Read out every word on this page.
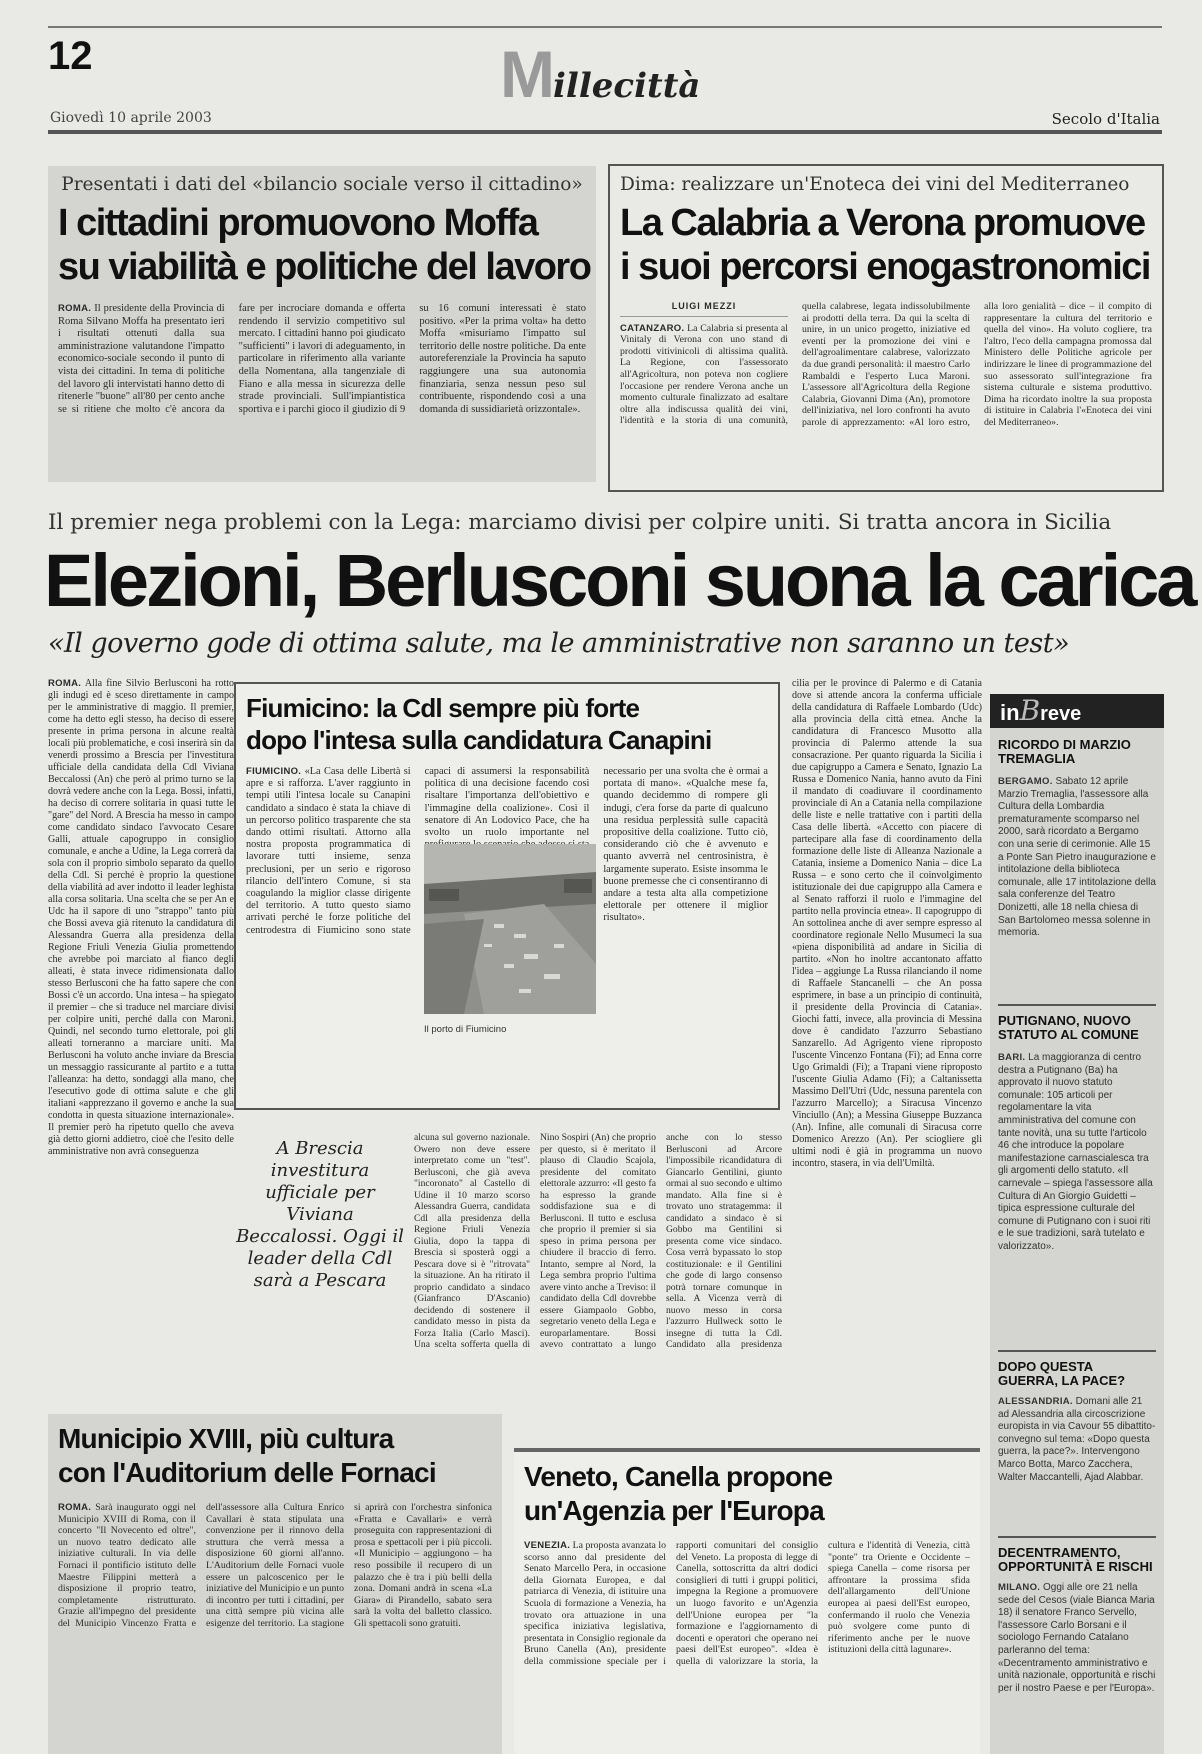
12	Millecittà
Giovedì 10 aprile 2003	Secolo d'Italia
Presentati i dati del «bilancio sociale verso il cittadino»
I cittadini promuovono Moffa
su viabilità e politiche del lavoro
ROMA. Il presidente della Provincia di Roma Silvano Moffa ha presentato ieri i risultati ottenuti dalla sua amministrazione valutandone l'impatto economico-sociale secondo il punto di vista dei cittadini. In tema di politiche del lavoro gli intervistati hanno detto di ritenerle "buone" all'80 per cento anche se si ritiene che molto c'è ancora da fare per incrociare domanda e offerta rendendo il servizio competitivo sul mercato. I cittadini hanno poi giudicato "sufficienti" i lavori di adeguamento, in particolare in riferimento alla variante della Nomentana, alla tangenziale di Fiano e alla messa in sicurezza delle strade provinciali. Sull'impiantistica sportiva e i parchi gioco il giudizio di 9 su 16 comuni interessati è stato positivo. «Per la prima volta» ha detto Moffa «misuriamo l'impatto sul territorio delle nostre politiche. Da ente autoreferenziale la Provincia ha saputo raggiungere una sua autonomia finanziaria, senza nessun peso sul contribuente, rispondendo così a una domanda di sussidiarietà orizzontale».
Dima: realizzare un'Enoteca dei vini del Mediterraneo
La Calabria a Verona promuove
i suoi percorsi enogastronomici
LUIGI MEZZI
CATANZARO. La Calabria si presenta al Vinitaly di Verona con uno stand di prodotti vitivinicoli di altissima qualità. La Regione, con l'assessorato all'Agricoltura, non poteva non cogliere l'occasione per rendere Verona anche un momento culturale finalizzato ad esaltare oltre alla indiscussa qualità dei vini, l'identità e la storia di una comunità, quella calabrese, legata indissolubilmente ai prodotti della terra. Da qui la scelta di unire, in un unico progetto, iniziative ed eventi per la promozione dei vini e dell'agroalimentare calabrese, valorizzato da due grandi personalità: il maestro Carlo Rambaldi e l'esperto Luca Maroni. L'assessore all'Agricoltura della Regione Calabria, Giovanni Dima (An), promotore dell'iniziativa, nel loro confronti ha avuto parole di apprezzamento: «Al loro estro, alla loro genialità – dice – il compito di rappresentare la cultura del territorio e quella del vino». Ha voluto cogliere, tra l'altro, l'eco della campagna promossa dal Ministero delle Politiche agricole per indirizzare le linee di programmazione del suo assessorato sull'integrazione fra sistema culturale e sistema produttivo. Dima ha ricordato inoltre la sua proposta di istituire in Calabria l'«Enoteca dei vini del Mediterraneo».
Il premier nega problemi con la Lega: marciamo divisi per colpire uniti. Si tratta ancora in Sicilia
Elezioni, Berlusconi suona la carica
«Il governo gode di ottima salute, ma le amministrative non saranno un test»
ROMA. Alla fine Silvio Berlusconi ha rotto gli indugi ed è sceso direttamente in campo per le amministrative di maggio. Il premier, come ha detto egli stesso, ha deciso di essere presente in prima persona in alcune realtà locali più problematiche, e così inserirà sin da venerdì prossimo a Brescia per l'investitura ufficiale della candidata della Cdl Viviana Beccalossi (An) che però al primo turno se la dovrà vedere anche con la Lega. Bossi, infatti, ha deciso di correre solitaria in quasi tutte le "gare" del Nord. A Brescia ha messo in campo come candidato sindaco l'avvocato Cesare Galli, attuale capogruppo in consiglio comunale, e anche a Udine, la Lega correrà da sola con il proprio simbolo separato da quello della Cdl. Si perché è proprio la questione della viabilità ad aver indotto il leader leghista alla corsa solitaria. Una scelta che se per An e Udc ha il sapore di uno "strappo" tanto più che Bossi aveva già ritenuto la candidatura di Alessandra Guerra alla presidenza della Regione Friuli Venezia Giulia promettendo che avrebbe poi marciato al fianco degli alleati, è stata invece ridimensionata dallo stesso Berlusconi che ha fatto sapere che con Bossi c'è un accordo. Una intesa – ha spiegato il premier – che si traduce nel marciare divisi per colpire uniti, perché dalla con Maroni. Quindi, nel secondo turno elettorale, poi gli alleati torneranno a marciare uniti. Ma Berlusconi ha voluto anche inviare da Brescia un messaggio rassicurante al partito e a tutta l'alleanza: ha detto, sondaggi alla mano, che l'esecutivo gode di ottima salute e che gli italiani «apprezzano il governo e anche la sua condotta in questa situazione internazionale». Il premier però ha ripetuto quello che aveva già detto giorni addietro, cioè che l'esito delle amministrative non avrà conseguenza
Fiumicino: la Cdl sempre più forte
dopo l'intesa sulla candidatura Canapini
FIUMICINO. «La Casa delle Libertà si apre e si rafforza. L'aver raggiunto in tempi utili l'intesa locale su Canapini candidato a sindaco è stata la chiave di un percorso politico trasparente che sta dando ottimi risultati. Attorno alla nostra proposta programmatica di lavorare tutti insieme, senza preclusioni, per un serio e rigoroso rilancio dell'intero Comune, si sta coagulando la miglior classe dirigente del territorio. A tutto questo siamo arrivati perché le forze politiche del centrodestra di Fiumicino sono state capaci di assumersi la responsabilità politica di una decisione facendo così risaltare l'importanza dell'obiettivo e l'immagine della coalizione». Così il senatore di An Lodovico Pace, che ha svolto un ruolo importante nel necessario per una svolta che è ormai a portata di mano». «Qualche mese fa, quando decidemmo di rompere gli indugi, c'era forse da parte di qualcuno una residua perplessità sulle capacità propositive della coalizione. Tutto ciò, considerando ciò che è avvenuto e quanto avverrà nel centrosinistra, è largamente superato. Esiste insomma le buone premesse che ci consentiranno di andare a testa alta alla competizione elettorale per ottenere il miglior risultato».
Il porto di Fiumicino
cilia per le province di Palermo e di Catania dove si attende ancora la conferma ufficiale della candidatura di Raffaele Lombardo (Udc) alla provincia della città etnea. Anche la candidatura di Francesco Musotto alla provincia di Palermo attende la sua consacrazione. Per quanto riguarda la Sicilia i due capigruppo a Camera e Senato, Ignazio La Russa e Domenico Nania, hanno avuto da Fini il mandato di coadiuvare il coordinamento provinciale di An a Catania nella compilazione delle liste e nelle trattative con i partiti della Casa delle libertà. «Accetto con piacere di partecipare alla fase di coordinamento della formazione delle liste di Alleanza Nazionale a Catania, insieme a Domenico Nania – dice La Russa – e sono certo che il coinvolgimento istituzionale dei due capigruppo alla Camera e al Senato rafforzi il ruolo e l'immagine del partito nella provincia etnea». Il capogruppo di An sottolinea anche di aver sempre espresso al coordinatore regionale Nello Musumeci la sua «piena disponibilità ad andare in Sicilia di partito. «Non ho inoltre accantonato affatto l'idea – aggiunge La Russa rilanciando il nome di Raffaele Stancanelli – che An possa esprimere, in base a un principio di continuità, il presidente della Provincia di Catania». Giochi fatti, invece, alla provincia di Messina dove è candidato l'azzurro Sebastiano Sanzarello. Ad Agrigento viene riproposto l'uscente Vincenzo Fontana (Fi); ad Enna corre Ugo Grimaldi (Fi); a Trapani viene riproposto l'uscente Giulia Adamo (Fi); a Caltanissetta Massimo Dell'Utri (Udc, nessuna parentela con l'azzurro Marcello); a Siracusa Vincenzo Vinciullo (An); a Messina Giuseppe Buzzanca (An). Infine, alle comunali di Siracusa corre Domenico Arezzo (An). Per sciogliere gli ultimi nodi è già in programma un nuovo incontro, stasera, in via dell'Umiltà.
A Brescia investitura ufficiale per Viviana Beccalossi. Oggi il leader della Cdl sarà a Pescara
alcuna sul governo nazionale. Owero non deve essere interpretato come un "test". Berlusconi, che già aveva "incoronato" al Castello di Udine il 10 marzo scorso Alessandra Guerra, candidata Cdl alla presidenza della Regione Friuli Venezia Giulia, dopo la tappa di Brescia si sposterà oggi a Pescara dove si è "ritrovata" la situazione. An ha ritirato il proprio candidato a sindaco (Gianfranco D'Ascanio) decidendo di sostenere il candidato messo in pista da Forza Italia (Carlo Masci). Una scelta sofferta quella di Nino Sospiri (An) che proprio per questo, si è meritato il plauso di Claudio Scajola, presidente del comitato elettorale azzurro: «Il gesto fa ha espresso la grande soddisfazione sua e di Berlusconi. Il tutto e esclusa che proprio il premier si sia speso in prima persona per chiudere il braccio di ferro. Intanto, sempre al Nord, la Lega sembra proprio l'ultima avere vinto anche a Treviso: il candidato della Cdl dovrebbe essere Giampaolo Gobbo, segretario veneto della Lega e europarlamentare. Bossi avevo contrattato a lungo anche con lo stesso Berlusconi ad Arcore l'impossibile ricandidatura di Giancarlo Gentilini, giunto ormai al suo secondo e ultimo mandato. Alla fine si è trovato uno stratagemma: il candidato a sindaco è si Gobbo ma Gentilini si presenta come vice sindaco. Cosa verrà bypassato lo stop costituzionale: e il Gentilini che gode di largo consenso potrà tornare comunque in sella. A Vicenza verrà di nuovo messo in corsa l'azzurro Hullweck sotto le insegne di tutta la Cdl. Candidato alla presidenza
inBreve
RICORDO DI MARZIO TREMAGLIA
BERGAMO. Sabato 12 aprile Marzio Tremaglia, l'assessore alla Cultura della Lombardia prematuramente scomparso nel 2000, sarà ricordato a Bergamo con una serie di cerimonie. Alle 15 a Ponte San Pietro inaugurazione e intitolazione della biblioteca comunale, alle 17 intitolazione della sala conferenze del Teatro Donizetti, alle 18 nella chiesa di San Bartolomeo messa solenne in memoria.
PUTIGNANO, NUOVO STATUTO AL COMUNE
BARI. La maggioranza di centro destra a Putignano (Ba) ha approvato il nuovo statuto comunale: 105 articoli per regolamentare la vita amministrativa del comune con tante novità, una su tutte l'articolo 46 che introduce la popolare manifestazione carnascialesca tra gli argomenti dello statuto. «Il carnevale – spiega l'assessore alla Cultura di An Giorgio Guidetti – tipica espressione culturale del comune di Putignano con i suoi riti e le sue tradizioni, sarà tutelato e valorizzato».
DOPO QUESTA GUERRA, LA PACE?
ALESSANDRIA. Domani alle 21 ad Alessandria alla circoscrizione europista in via Cavour 55 dibattito-convegno sul tema: «Dopo questa guerra, la pace?». Intervengono Marco Botta, Marco Zacchera, Walter Maccantelli, Ajad Alabbar.
DECENTRAMENTO, OPPORTUNITÀ E RISCHI
MILANO. Oggi alle ore 21 nella sede del Cesos (viale Bianca Maria 18) il senatore Franco Servello, l'assessore Carlo Borsani e il sociologo Fernando Catalano parleranno del tema: «Decentramento amministrativo e unità nazionale, opportunità e rischi per il nostro Paese e per l'Europa».
Municipio XVIII, più cultura
con l'Auditorium delle Fornaci
ROMA. Sarà inaugurato oggi nel Municipio XVIII di Roma, con il concerto "Il Novecento ed oltre", un nuovo teatro dedicato alle iniziative culturali. In via delle Fornaci il pontificio istituto delle Maestre Filippini metterà a disposizione il proprio teatro, completamente ristrutturato. Grazie all'impegno del presidente del Municipio Vincenzo Fratta e dell'assessore alla Cultura Enrico Cavallari è stata stipulata una convenzione per il rinnovo della struttura che verrà messa a disposizione 60 giorni all'anno. L'Auditorium delle Fornaci vuole essere un palcoscenico per le iniziative del Municipio e un punto di incontro per tutti i cittadini, per una città sempre più vicina alle esigenze del territorio. La stagione si aprirà con l'orchestra sinfonica «Fratta e Cavallari» e verrà proseguita con rappresentazioni di prosa e spettacoli per i più piccoli. «Il Municipio – aggiungono – ha reso possibile il recupero di un palazzo che è tra i più belli della zona. Domani andrà in scena «La Giara» di Pirandello, sabato sera sarà la volta del balletto classico. Gli spettacoli sono gratuiti.
Veneto, Canella propone
un'Agenzia per l'Europa
VENEZIA. La proposta avanzata lo scorso anno dal presidente del Senato Marcello Pera, in occasione della Giornata Europea, e dal patriarca di Venezia, di istituire una Scuola di formazione a Venezia, ha trovato ora attuazione in una specifica iniziativa legislativa, presentata in Consiglio regionale da Bruno Canella (An), presidente della commissione speciale per i rapporti comunitari del consiglio del Veneto. La proposta di legge di Canella, sottoscritta da altri dodici consiglieri di tutti i gruppi politici, impegna la Regione a promuovere un luogo favorito e un'Agenzia dell'Unione europea per "la formazione e l'aggiornamento di docenti e operatori che operano nei paesi dell'Est europeo". «Idea è quella di valorizzare la storia, la cultura e l'identità di Venezia, città "ponte" tra Oriente e Occidente – spiega Canella – come risorsa per affrontare la prossima sfida dell'allargamento dell'Unione europea ai paesi dell'Est europeo, confermando il ruolo che Venezia può svolgere come punto di riferimento anche per le nuove istituzioni della città lagunare».
